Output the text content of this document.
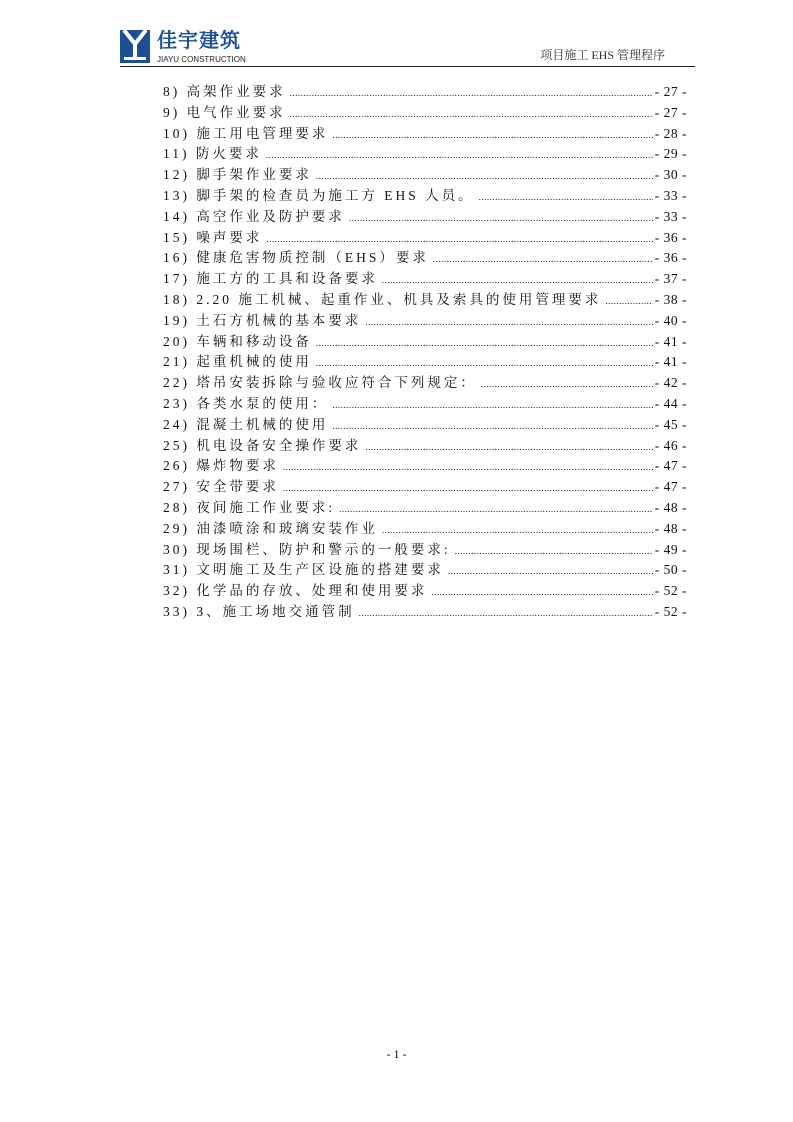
佳宇建筑
JIAYU CONSTRUCTION	项目施工 EHS 管理程序
8) 高架作业要求 .....	- 27 -
9) 电气作业要求 .....	- 27 -
10) 施工用电管理要求 .....	- 28 -
11) 防火要求 .....	- 29 -
12) 脚手架作业要求 .....	- 30 -
13) 脚手架的检查员为施工方 EHS 人员。 .....	- 33 -
14) 高空作业及防护要求 .....	- 33 -
15) 噪声要求 .....	- 36 -
16) 健康危害物质控制（EHS）要求 .....	- 36 -
17) 施工方的工具和设备要求 .....	- 37 -
18) 2.20 施工机械、起重作业、机具及索具的使用管理要求 .....	- 38 -
19) 土石方机械的基本要求 .....	- 40 -
20) 车辆和移动设备 .....	- 41 -
21) 起重机械的使用 .....	- 41 -
22) 塔吊安装拆除与验收应符合下列规定： .....	- 42 -
23) 各类水泵的使用： .....	- 44 -
24) 混凝土机械的使用 .....	- 45 -
25) 机电设备安全操作要求 .....	- 46 -
26) 爆炸物要求 .....	- 47 -
27) 安全带要求 .....	- 47 -
28) 夜间施工作业要求: .....	- 48 -
29) 油漆喷涂和玻璃安装作业 .....	- 48 -
30) 现场围栏、防护和警示的一般要求: .....	- 49 -
31) 文明施工及生产区设施的搭建要求 .....	- 50 -
32) 化学品的存放、处理和使用要求 .....	- 52 -
33) 3、施工场地交通管制 .....	- 52 -
- 1 -
